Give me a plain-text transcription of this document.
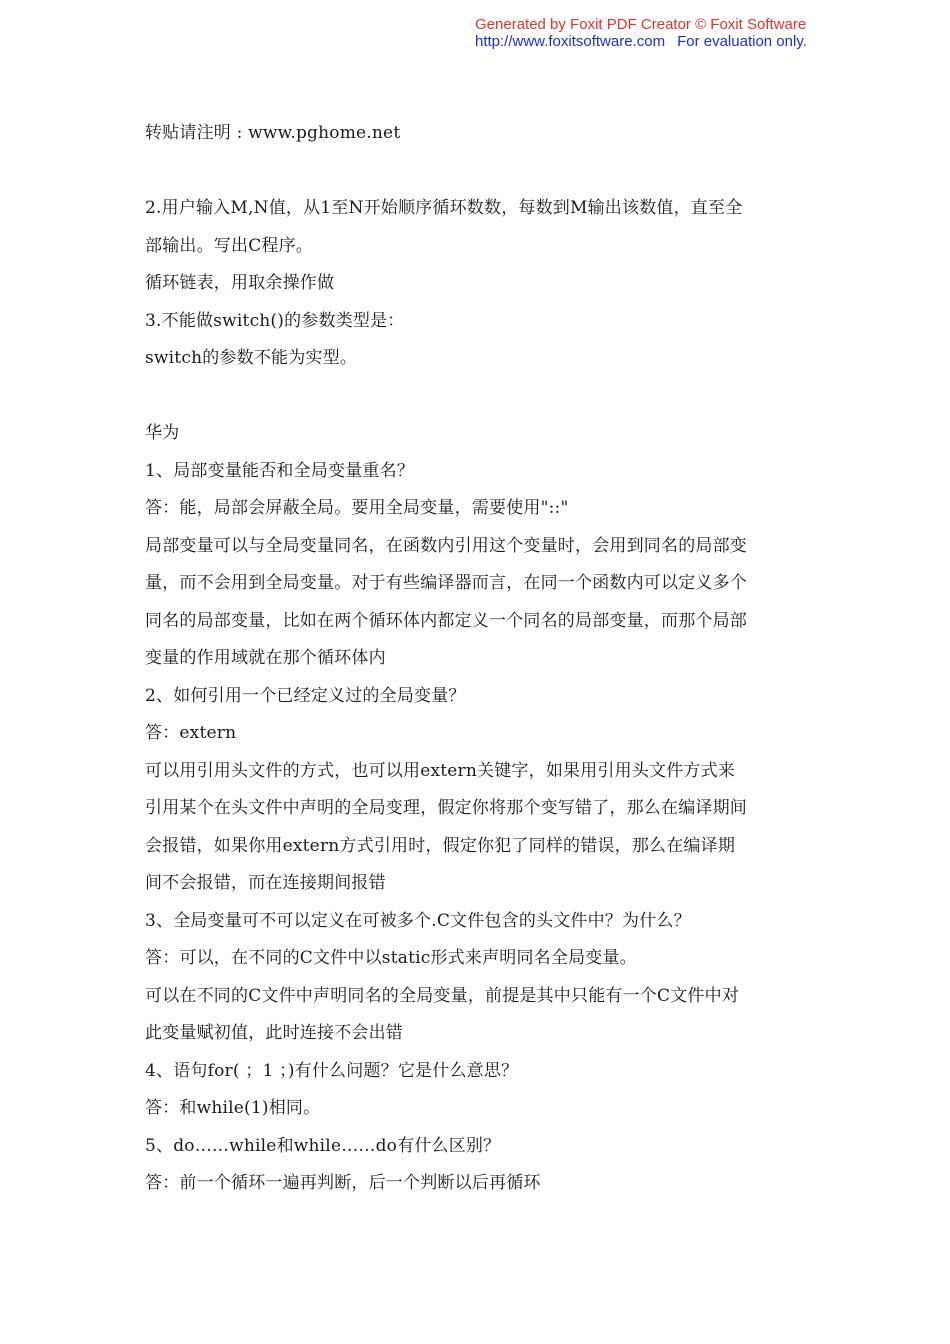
Generated by Foxit PDF Creator © Foxit Software
http://www.foxitsoftware.com For evaluation only.
转贴请注明 : www.pghome.net
2.用户输入M,N值，从1至N开始顺序循环数数，每数到M输出该数值，直至全
部输出。写出C程序。
循环链表，用取余操作做
3.不能做switch()的参数类型是：
switch的参数不能为实型。
华为
1、局部变量能否和全局变量重名？
答：能，局部会屏蔽全局。要用全局变量，需要使用"::"
局部变量可以与全局变量同名，在函数内引用这个变量时，会用到同名的局部变
量，而不会用到全局变量。对于有些编译器而言，在同一个函数内可以定义多个
同名的局部变量，比如在两个循环体内都定义一个同名的局部变量，而那个局部
变量的作用域就在那个循环体内
2、如何引用一个已经定义过的全局变量？
答：extern
可以用引用头文件的方式，也可以用extern关键字，如果用引用头文件方式来
引用某个在头文件中声明的全局变理，假定你将那个变写错了，那么在编译期间
会报错，如果你用extern方式引用时，假定你犯了同样的错误，那么在编译期
间不会报错，而在连接期间报错
3、全局变量可不可以定义在可被多个.C文件包含的头文件中？为什么？
答：可以，在不同的C文件中以static形式来声明同名全局变量。
可以在不同的C文件中声明同名的全局变量，前提是其中只能有一个C文件中对
此变量赋初值，此时连接不会出错
4、语句for( ；1 ；)有什么问题？它是什么意思？
答：和while(1)相同。
5、do……while和while……do有什么区别？
答：前一个循环一遍再判断，后一个判断以后再循环
